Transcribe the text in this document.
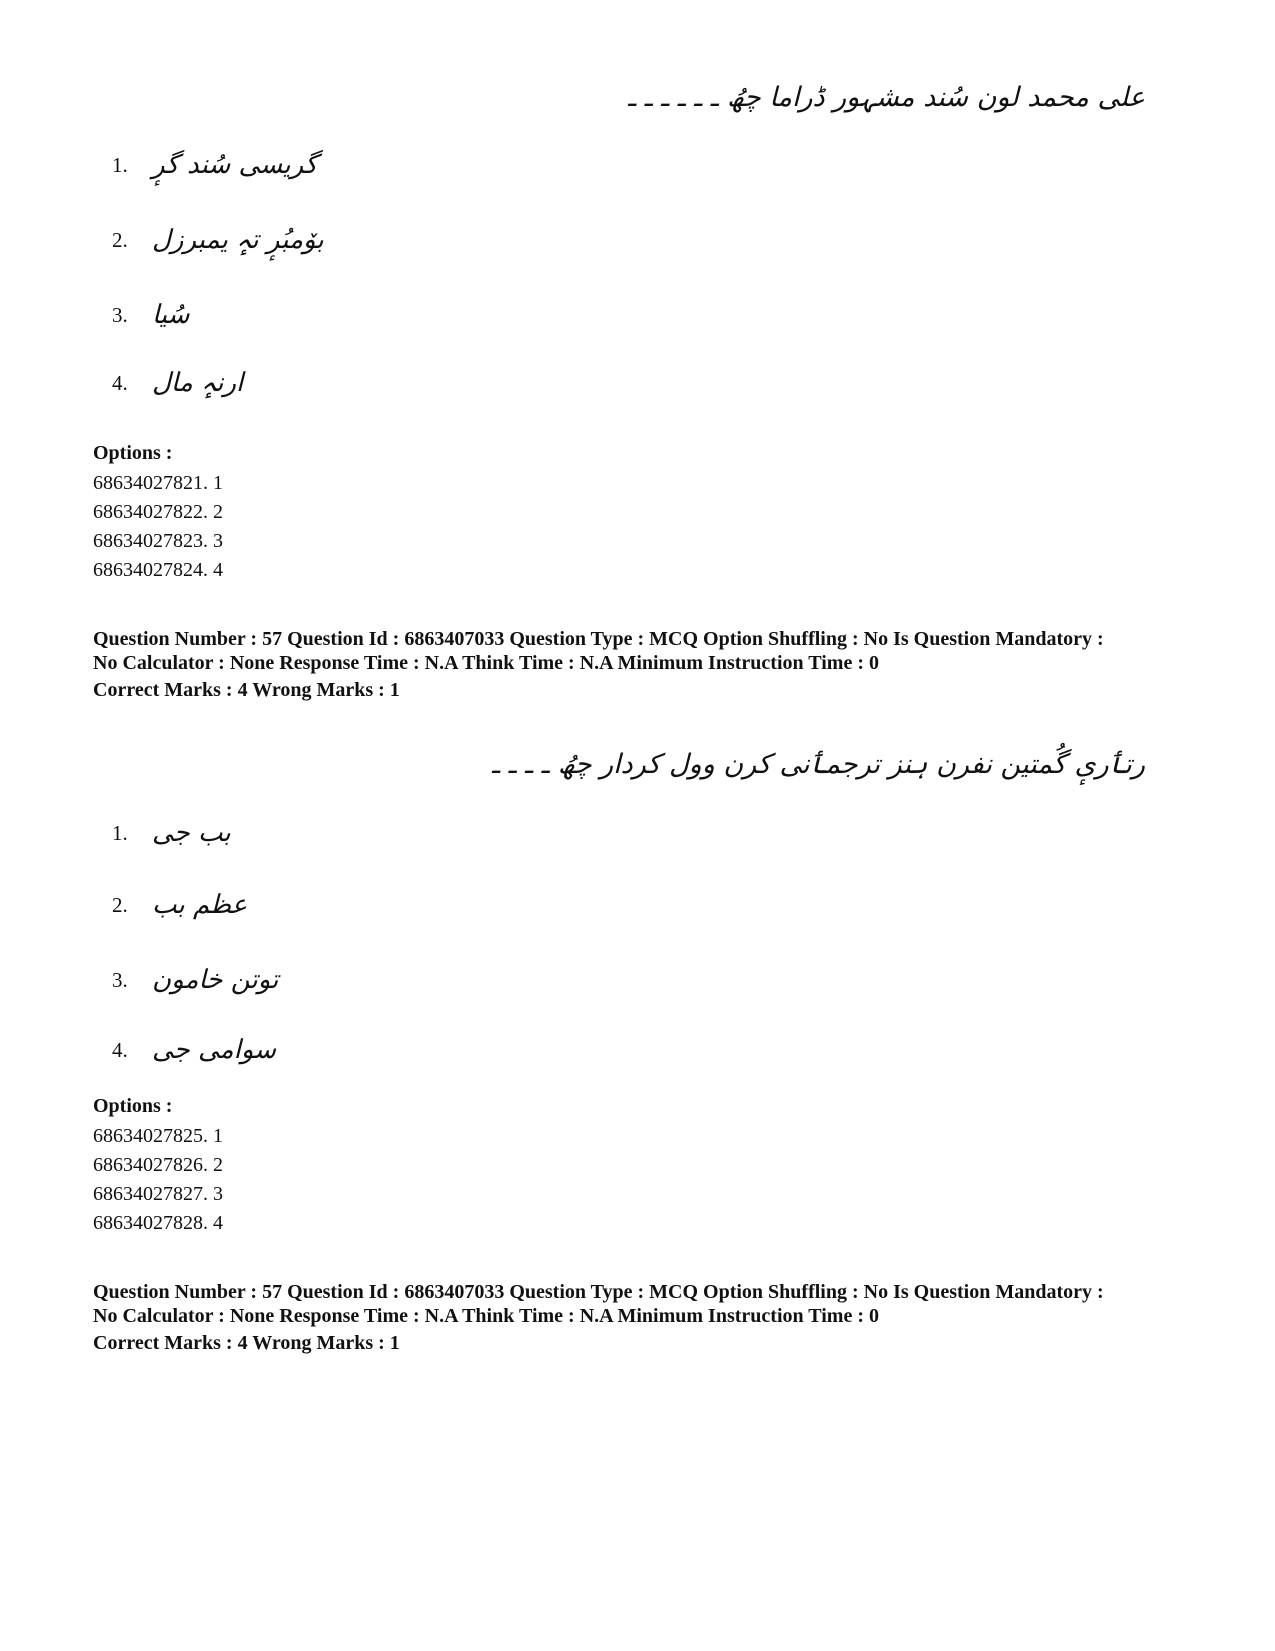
علی محمد لون سُند مشہور ڈراما چھُ ـ ـ ـ ـ ـ ـ
1. گریسی سُند گرٕ
2. بوٚمبُرٕ تہٕ یمبرزل
3. سُیا
4. ارنہٕ مال
Options :
68634027821. 1
68634027822. 2
68634027823. 3
68634027824. 4
Question Number : 57 Question Id : 6863407033 Question Type : MCQ Option Shuffling : No Is Question Mandatory :
No Calculator : None Response Time : N.A Think Time : N.A Minimum Instruction Time : 0
Correct Marks : 4 Wrong Marks : 1
رتٲریٕ گُمتین نفرن ہنز ترجمٲنی کرن وول کردار چھُ ـ ـ ـ ـ
1. بب جی
2. عظم بب
3. توتن خامون
4. سوامی جی
Options :
68634027825. 1
68634027826. 2
68634027827. 3
68634027828. 4
Question Number : 57 Question Id : 6863407033 Question Type : MCQ Option Shuffling : No Is Question Mandatory :
No Calculator : None Response Time : N.A Think Time : N.A Minimum Instruction Time : 0
Correct Marks : 4 Wrong Marks : 1
